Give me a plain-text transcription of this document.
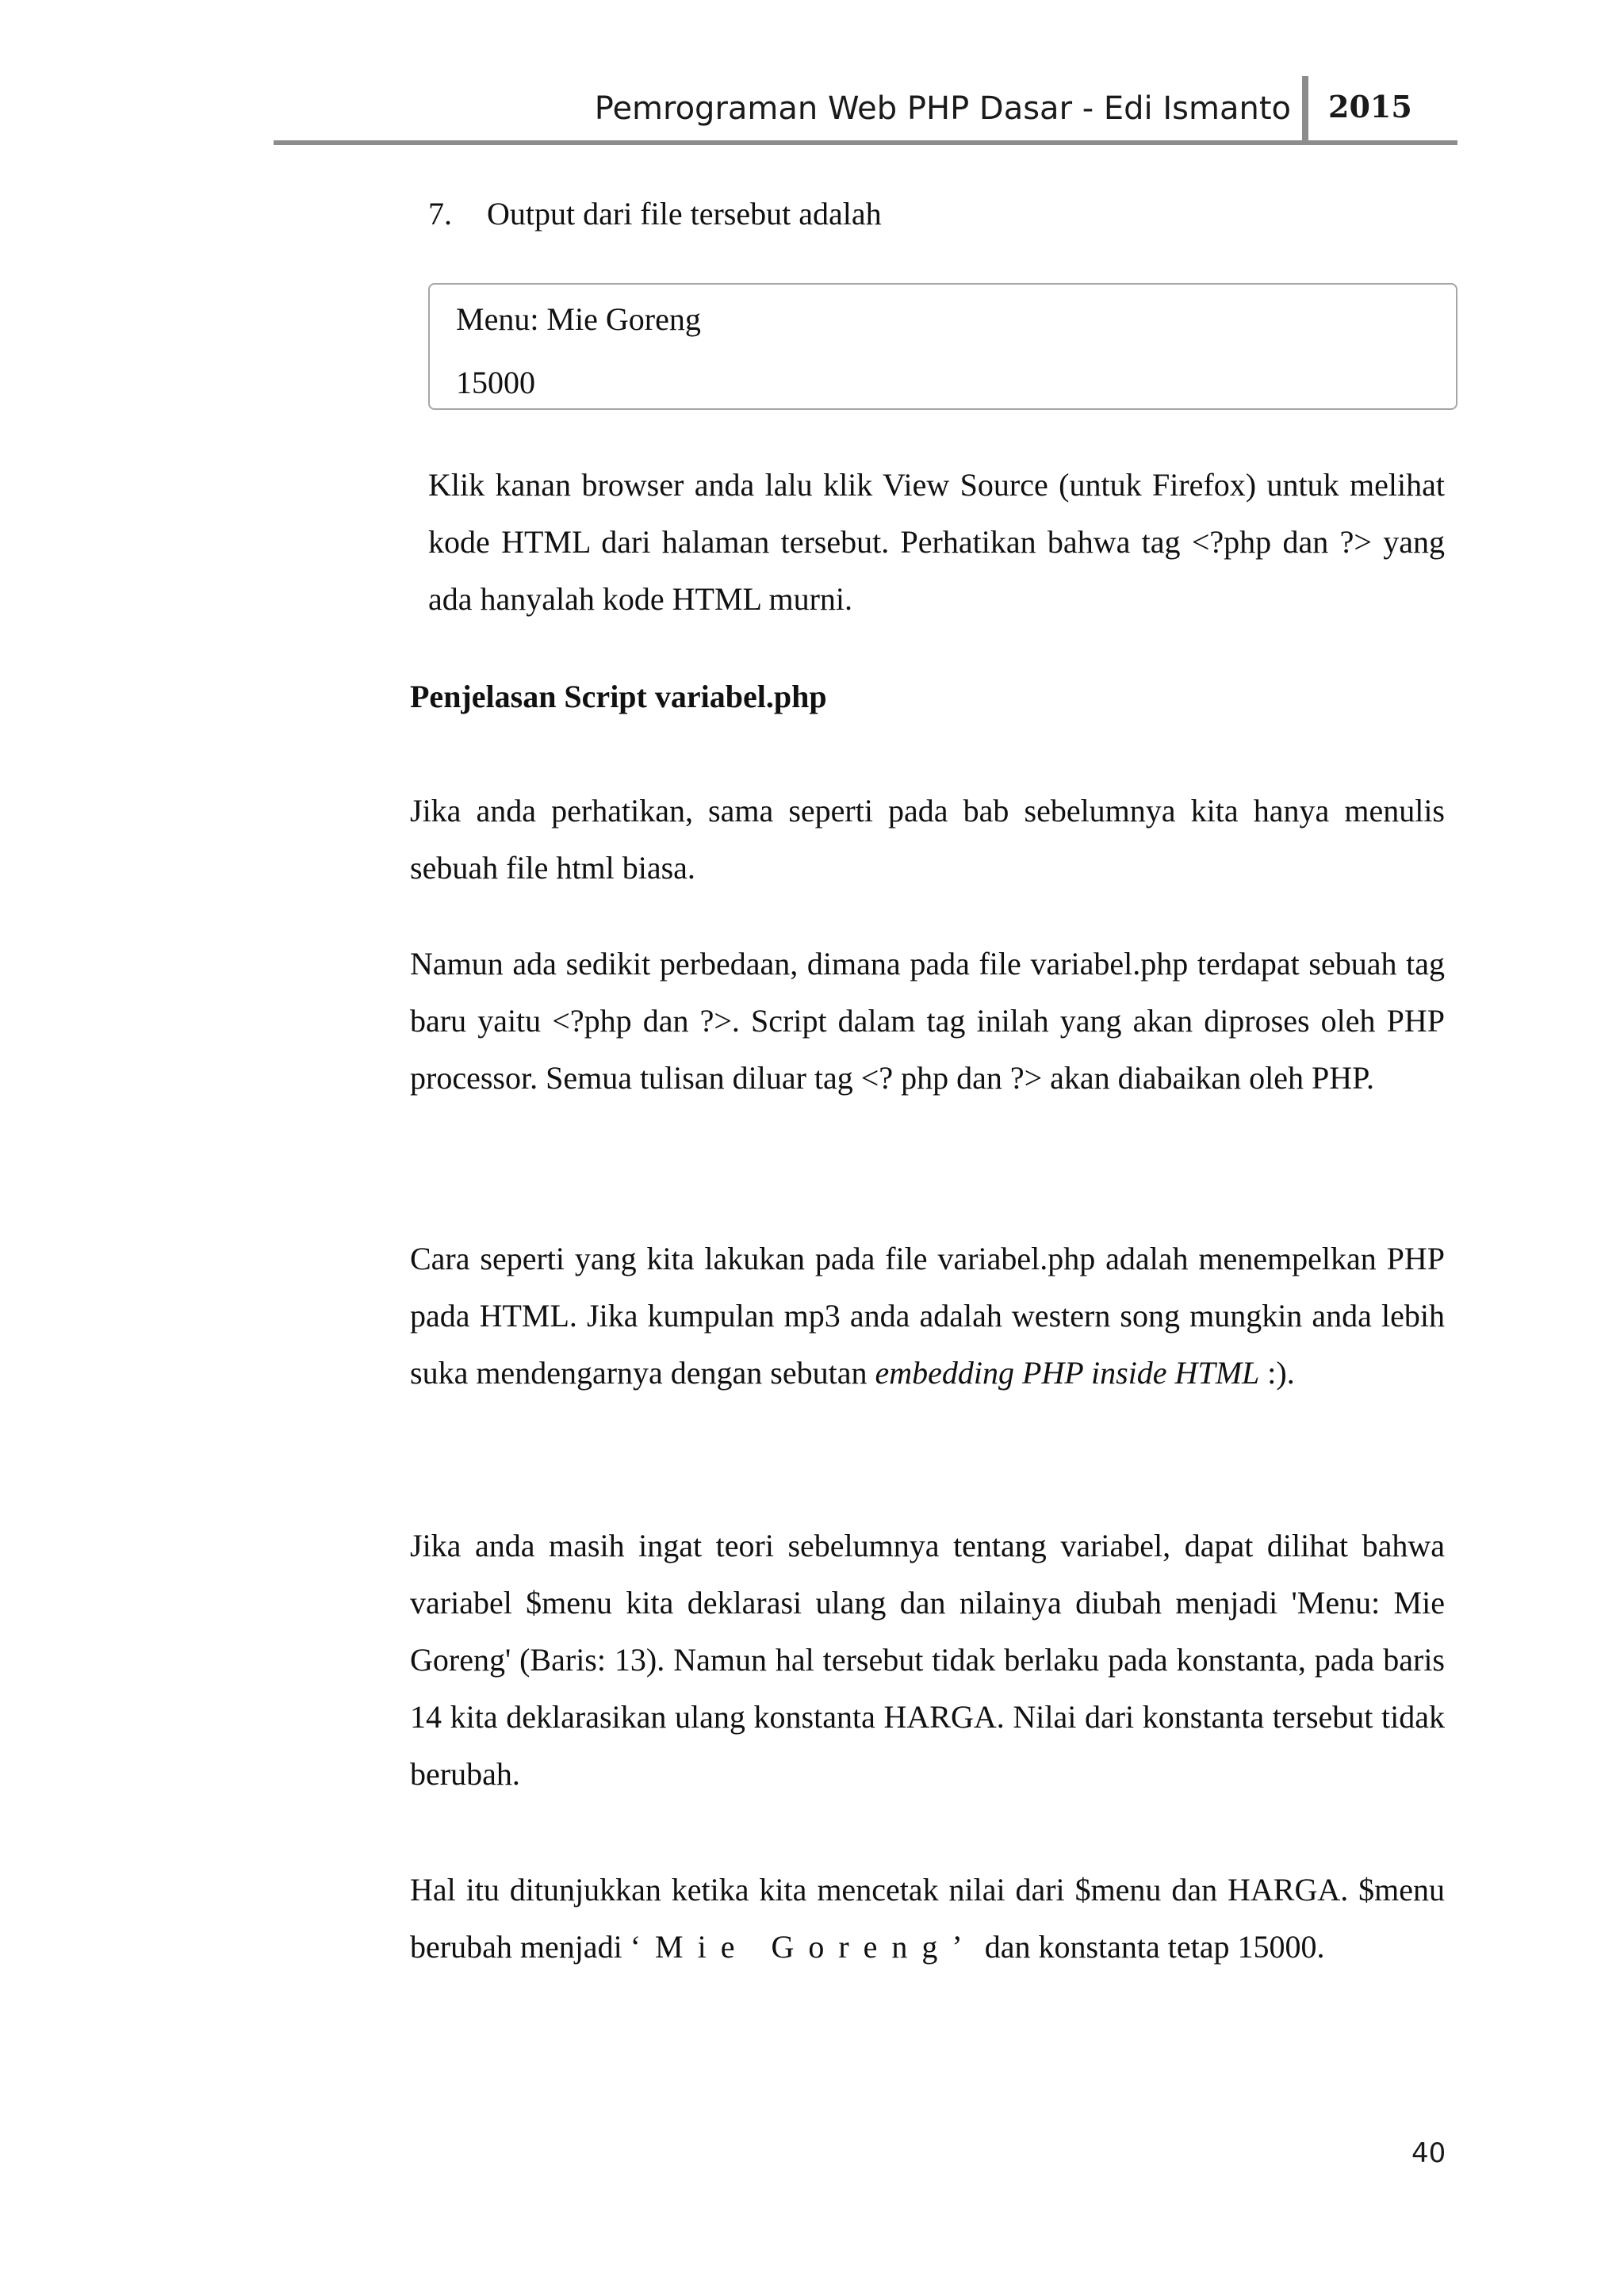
Pemrograman Web PHP Dasar - Edi Ismanto 2015
7. Output dari file tersebut adalah
Menu: Mie Goreng
15000

Klik kanan browser anda lalu klik View Source (untuk Firefox) untuk melihat kode HTML dari halaman tersebut. Perhatikan bahwa tag <?php dan ?> yang ada hanyalah kode HTML murni.

Penjelasan Script variabel.php

Jika anda perhatikan, sama seperti pada bab sebelumnya kita hanya menulis sebuah file html biasa.

Namun ada sedikit perbedaan, dimana pada file variabel.php terdapat sebuah tag baru yaitu <?php dan ?>. Script dalam tag inilah yang akan diproses oleh PHP processor. Semua tulisan diluar tag <? php dan ?> akan diabaikan oleh PHP.

Cara seperti yang kita lakukan pada file variabel.php adalah menempelkan PHP pada HTML. Jika kumpulan mp3 anda adalah western song mungkin anda lebih suka mendengarnya dengan sebutan embedding PHP inside HTML :).

Jika anda masih ingat teori sebelumnya tentang variabel, dapat dilihat bahwa variabel $menu kita deklarasi ulang dan nilainya diubah menjadi 'Menu: Mie Goreng' (Baris: 13). Namun hal tersebut tidak berlaku pada konstanta, pada baris 14 kita deklarasikan ulang konstanta HARGA. Nilai dari konstanta tersebut tidak berubah.

Hal itu ditunjukkan ketika kita mencetak nilai dari $menu dan HARGA. $menu berubah menjadi ‘Mie Goreng’ dan konstanta tetap 15000.

40
